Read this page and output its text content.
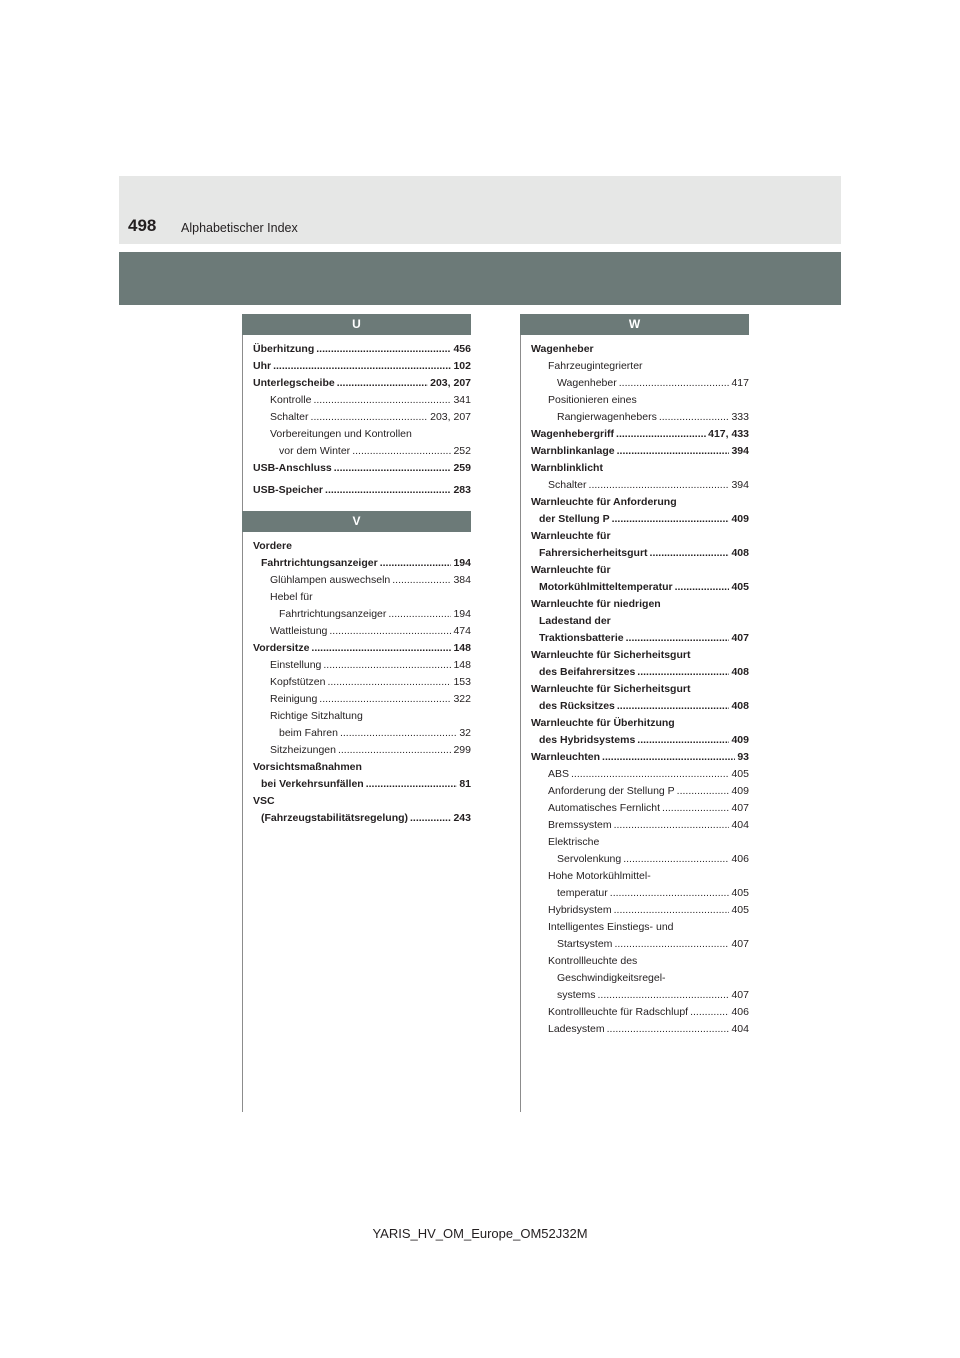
498 Alphabetischer Index
U
Überhitzung .....	456
Uhr .....	102
Unterlegscheibe .....	203, 207
Kontrolle .....	341
Schalter .....	203, 207
Vorbereitungen und Kontrollen
vor dem Winter .....	252
USB-Anschluss .....	259
USB-Speicher .....	283
V
Vordere
Fahrtrichtungsanzeiger .....	194
Glühlampen auswechseln .....	384
Hebel für
Fahrtrichtungsanzeiger .....	194
Wattleistung .....	474
Vordersitze .....	148
Einstellung .....	148
Kopfstützen .....	153
Reinigung .....	322
Richtige Sitzhaltung
beim Fahren .....	32
Sitzheizungen .....	299
Vorsichtsmaßnahmen
bei Verkehrsunfällen .....	81
VSC
(Fahrzeugstabilitätsregelung) .....	243
W
Wagenheber
Fahrzeugintegrierter
Wagenheber .....	417
Positionieren eines
Rangierwagenhebers .....	333
Wagenhebergriff .....	417, 433
Warnblinkanlage .....	394
Warnblinklicht
Schalter .....	394
Warnleuchte für Anforderung
der Stellung P .....	409
Warnleuchte für
Fahrersicherheitsgurt .....	408
Warnleuchte für
Motorkühlmitteltemperatur .....	405
Warnleuchte für niedrigen
Ladestand der
Traktionsbatterie .....	407
Warnleuchte für Sicherheitsgurt
des Beifahrersitzes .....	408
Warnleuchte für Sicherheitsgurt
des Rücksitzes .....	408
Warnleuchte für Überhitzung
des Hybridsystems .....	409
Warnleuchten .....	93
ABS .....	405
Anforderung der Stellung P .....	409
Automatisches Fernlicht .....	407
Bremssystem .....	404
Elektrische
Servolenkung .....	406
Hohe Motorkühlmittel-
temperatur .....	405
Hybridsystem .....	405
Intelligentes Einstiegs- und
Startsystem .....	407
Kontrollleuchte des
Geschwindigkeitsregel-
systems .....	407
Kontrollleuchte für Radschlupf .....	406
Ladesystem .....	404
YARIS_HV_OM_Europe_OM52J32M
